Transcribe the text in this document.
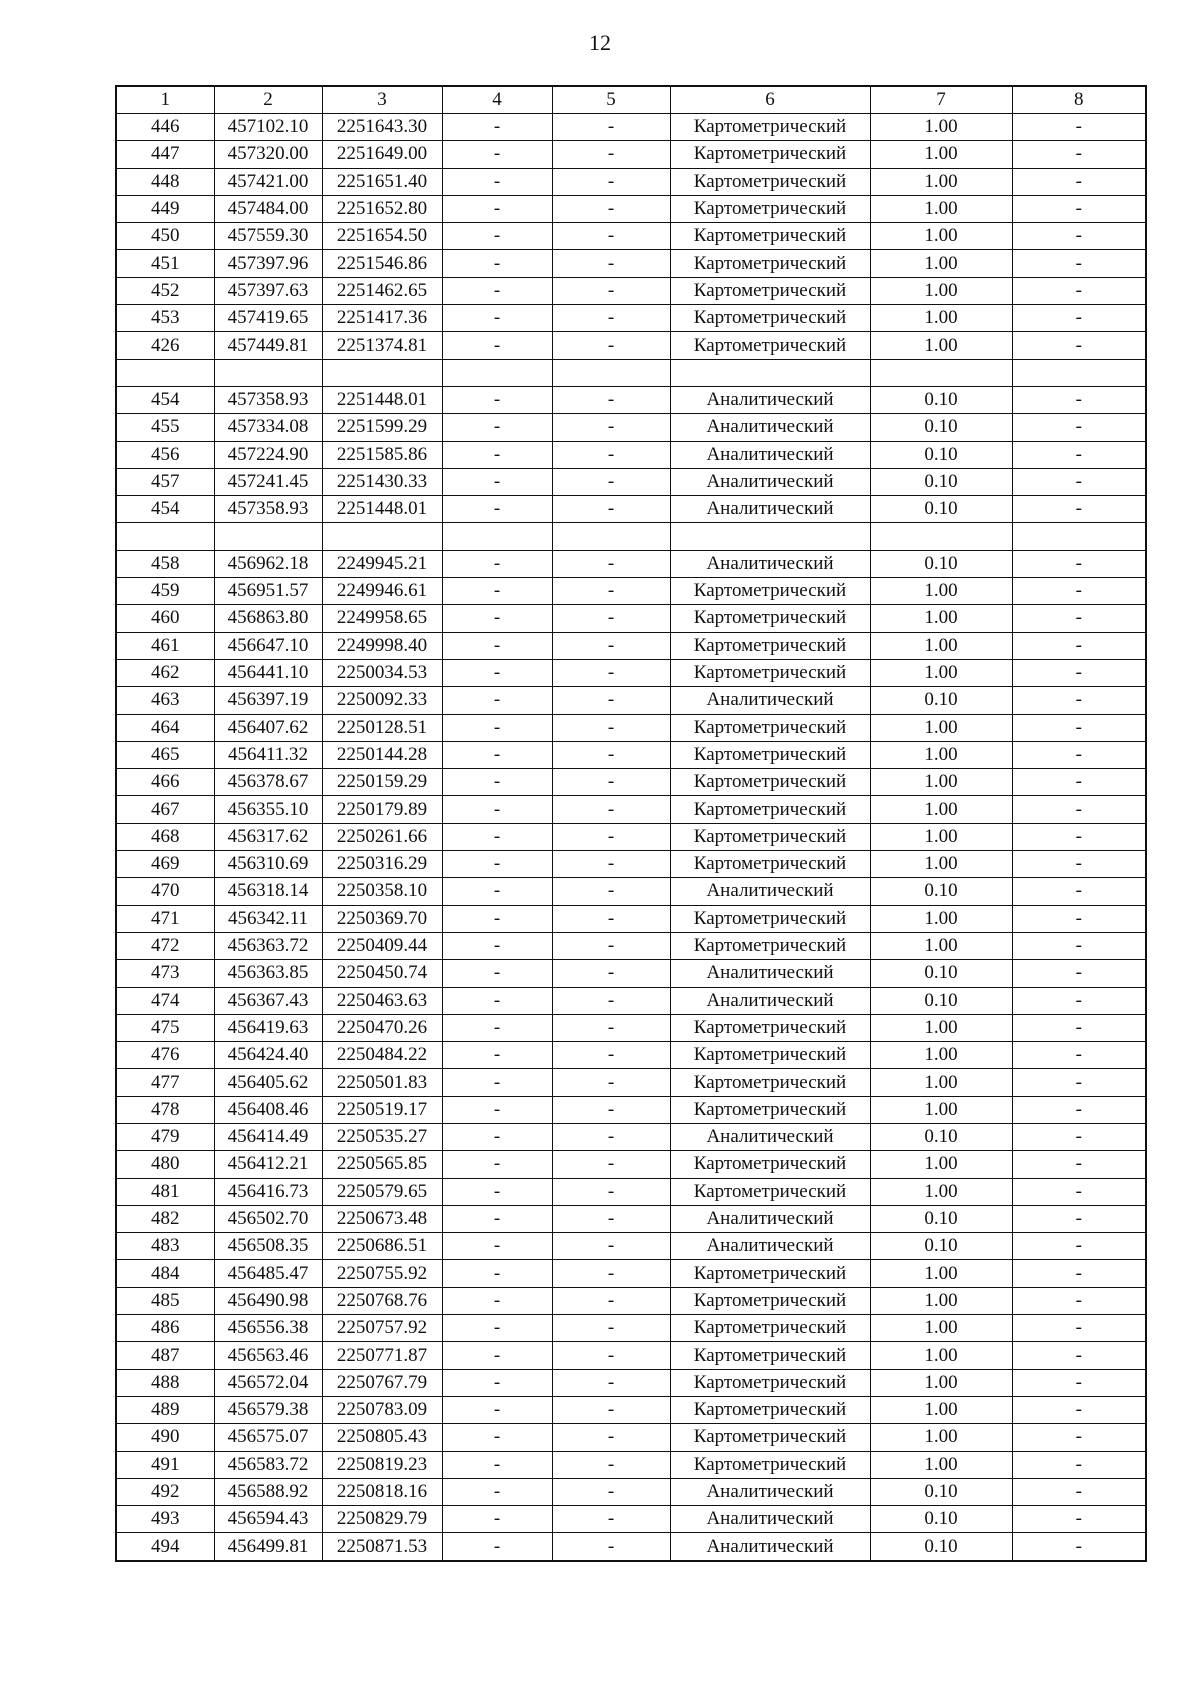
12
1	2	3	4	5	6	7	8
446	457102.10	2251643.30	-	-	Картометрический	1.00	-
447	457320.00	2251649.00	-	-	Картометрический	1.00	-
448	457421.00	2251651.40	-	-	Картометрический	1.00	-
449	457484.00	2251652.80	-	-	Картометрический	1.00	-
450	457559.30	2251654.50	-	-	Картометрический	1.00	-
451	457397.96	2251546.86	-	-	Картометрический	1.00	-
452	457397.63	2251462.65	-	-	Картометрический	1.00	-
453	457419.65	2251417.36	-	-	Картометрический	1.00	-
426	457449.81	2251374.81	-	-	Картометрический	1.00	-

454	457358.93	2251448.01	-	-	Аналитический	0.10	-
455	457334.08	2251599.29	-	-	Аналитический	0.10	-
456	457224.90	2251585.86	-	-	Аналитический	0.10	-
457	457241.45	2251430.33	-	-	Аналитический	0.10	-
454	457358.93	2251448.01	-	-	Аналитический	0.10	-

458	456962.18	2249945.21	-	-	Аналитический	0.10	-
459	456951.57	2249946.61	-	-	Картометрический	1.00	-
460	456863.80	2249958.65	-	-	Картометрический	1.00	-
461	456647.10	2249998.40	-	-	Картометрический	1.00	-
462	456441.10	2250034.53	-	-	Картометрический	1.00	-
463	456397.19	2250092.33	-	-	Аналитический	0.10	-
464	456407.62	2250128.51	-	-	Картометрический	1.00	-
465	456411.32	2250144.28	-	-	Картометрический	1.00	-
466	456378.67	2250159.29	-	-	Картометрический	1.00	-
467	456355.10	2250179.89	-	-	Картометрический	1.00	-
468	456317.62	2250261.66	-	-	Картометрический	1.00	-
469	456310.69	2250316.29	-	-	Картометрический	1.00	-
470	456318.14	2250358.10	-	-	Аналитический	0.10	-
471	456342.11	2250369.70	-	-	Картометрический	1.00	-
472	456363.72	2250409.44	-	-	Картометрический	1.00	-
473	456363.85	2250450.74	-	-	Аналитический	0.10	-
474	456367.43	2250463.63	-	-	Аналитический	0.10	-
475	456419.63	2250470.26	-	-	Картометрический	1.00	-
476	456424.40	2250484.22	-	-	Картометрический	1.00	-
477	456405.62	2250501.83	-	-	Картометрический	1.00	-
478	456408.46	2250519.17	-	-	Картометрический	1.00	-
479	456414.49	2250535.27	-	-	Аналитический	0.10	-
480	456412.21	2250565.85	-	-	Картометрический	1.00	-
481	456416.73	2250579.65	-	-	Картометрический	1.00	-
482	456502.70	2250673.48	-	-	Аналитический	0.10	-
483	456508.35	2250686.51	-	-	Аналитический	0.10	-
484	456485.47	2250755.92	-	-	Картометрический	1.00	-
485	456490.98	2250768.76	-	-	Картометрический	1.00	-
486	456556.38	2250757.92	-	-	Картометрический	1.00	-
487	456563.46	2250771.87	-	-	Картометрический	1.00	-
488	456572.04	2250767.79	-	-	Картометрический	1.00	-
489	456579.38	2250783.09	-	-	Картометрический	1.00	-
490	456575.07	2250805.43	-	-	Картометрический	1.00	-
491	456583.72	2250819.23	-	-	Картометрический	1.00	-
492	456588.92	2250818.16	-	-	Аналитический	0.10	-
493	456594.43	2250829.79	-	-	Аналитический	0.10	-
494	456499.81	2250871.53	-	-	Аналитический	0.10	-
